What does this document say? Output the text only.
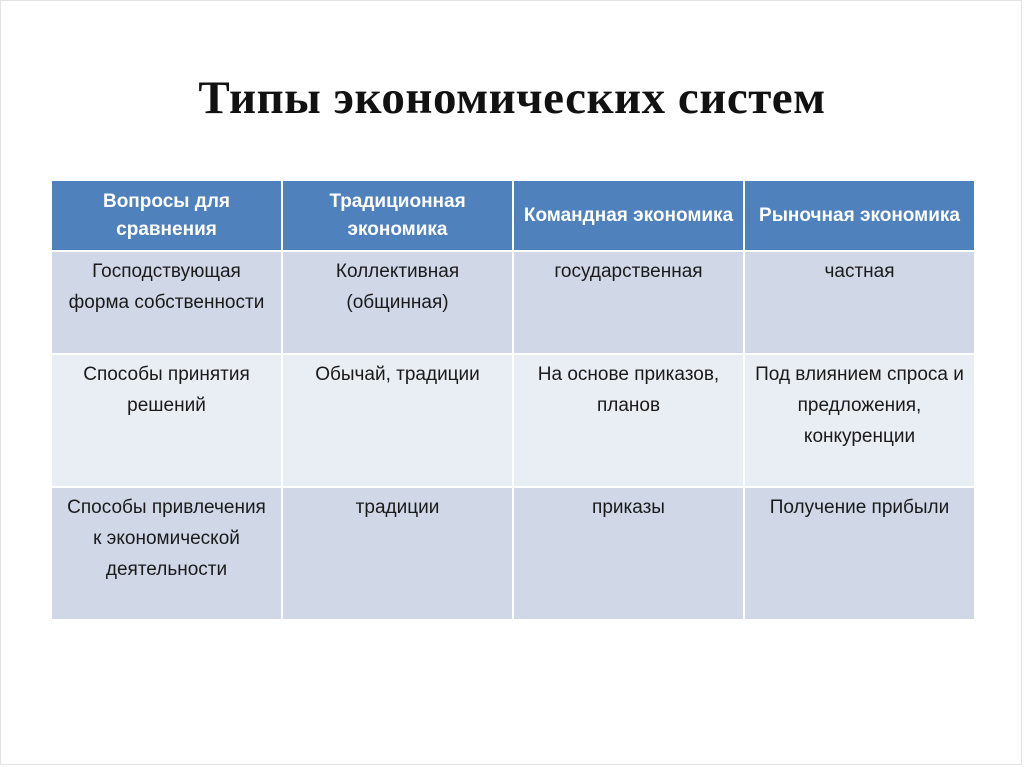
Типы экономических систем
Вопросы для сравнения	Традиционная экономика	Командная экономика	Рыночная экономика
Господствующая форма собственности	Коллективная (общинная)	государственная	частная
Способы принятия решений	Обычай, традиции	На основе приказов, планов	Под влиянием спроса и предложения, конкуренции
Способы привлечения к экономической деятельности	традиции	приказы	Получение прибыли
